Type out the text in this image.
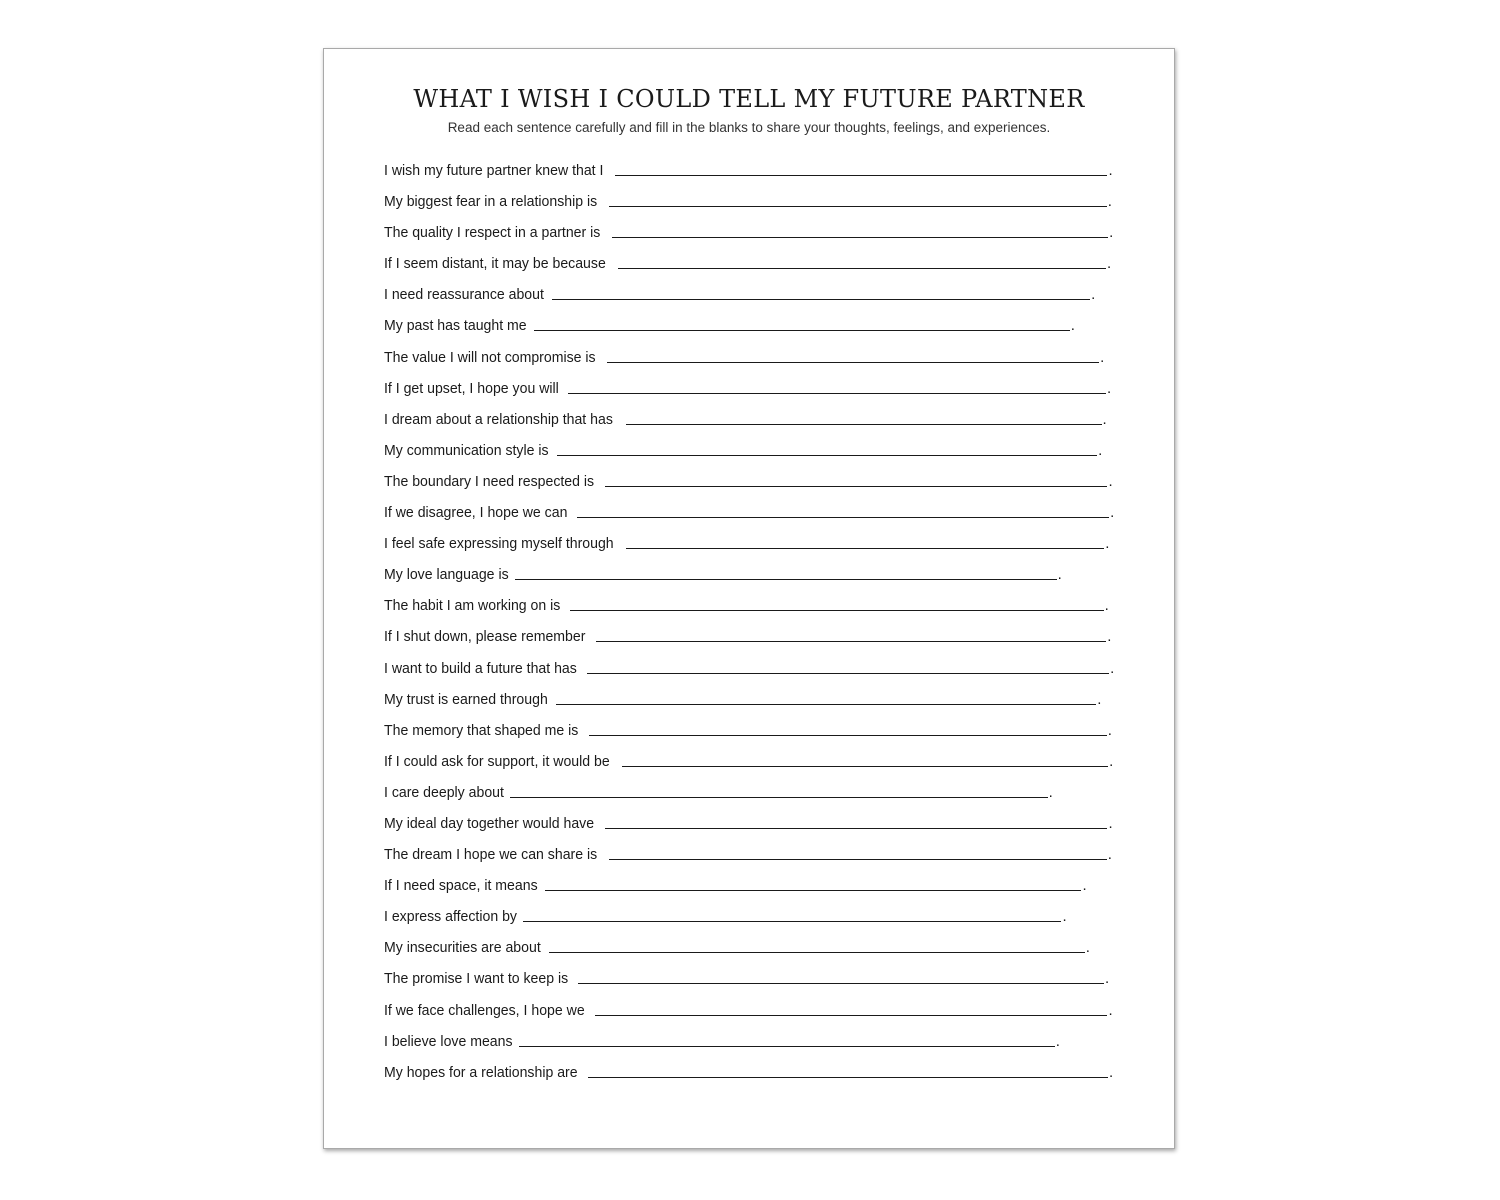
WHAT I WISH I COULD TELL MY FUTURE PARTNER
Read each sentence carefully and fill in the blanks to share your thoughts, feelings, and experiences.
I wish my future partner knew that I	.
My biggest fear in a relationship is	.
The quality I respect in a partner is	.
If I seem distant, it may be because	.
I need reassurance about	.
My past has taught me	.
The value I will not compromise is	.
If I get upset, I hope you will	.
I dream about a relationship that has	.
My communication style is	.
The boundary I need respected is	.
If we disagree, I hope we can	.
I feel safe expressing myself through	.
My love language is	.
The habit I am working on is	.
If I shut down, please remember	.
I want to build a future that has	.
My trust is earned through	.
The memory that shaped me is	.
If I could ask for support, it would be	.
I care deeply about	.
My ideal day together would have	.
The dream I hope we can share is	.
If I need space, it means	.
I express affection by	.
My insecurities are about	.
The promise I want to keep is	.
If we face challenges, I hope we	.
I believe love means	.
My hopes for a relationship are	.
